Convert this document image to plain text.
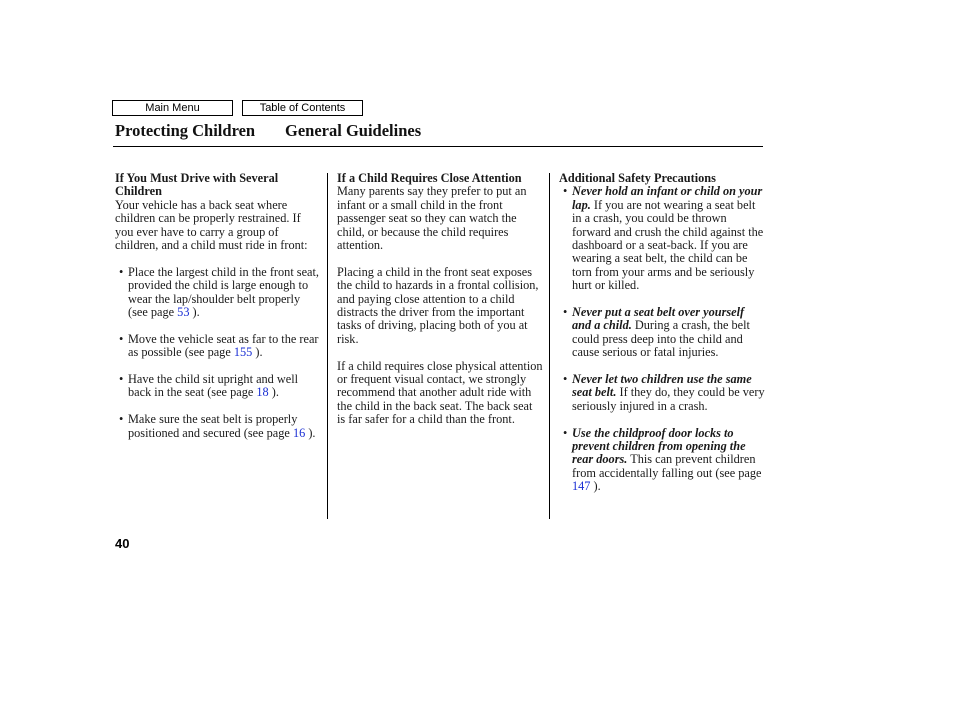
Main Menu	Table of Contents
Protecting Children General Guidelines

If You Must Drive with Several Children

Your vehicle has a back seat where children can be properly restrained. If you ever have to carry a group of children, and a child must ride in front:

• Place the largest child in the front seat, provided the child is large enough to wear the lap/shoulder belt properly (see page 53 ).
• Move the vehicle seat as far to the rear as possible (see page 155 ).
• Have the child sit upright and well back in the seat (see page 18 ).
• Make sure the seat belt is properly positioned and secured (see page 16 ).

If a Child Requires Close Attention

Many parents say they prefer to put an infant or a small child in the front passenger seat so they can watch the child, or because the child requires attention.

Placing a child in the front seat exposes the child to hazards in a frontal collision, and paying close attention to a child distracts the driver from the important tasks of driving, placing both of you at risk.

If a child requires close physical attention or frequent visual contact, we strongly recommend that another adult ride with the child in the back seat. The back seat is far safer for a child than the front.

Additional Safety Precautions

• Never hold an infant or child on your lap. If you are not wearing a seat belt in a crash, you could be thrown forward and crush the child against the dashboard or a seat-back. If you are wearing a seat belt, the child can be torn from your arms and be seriously hurt or killed.
• Never put a seat belt over yourself and a child. During a crash, the belt could press deep into the child and cause serious or fatal injuries.
• Never let two children use the same seat belt. If they do, they could be very seriously injured in a crash.
• Use the childproof door locks to prevent children from opening the rear doors. This can prevent children from accidentally falling out (see page 147 ).
40
